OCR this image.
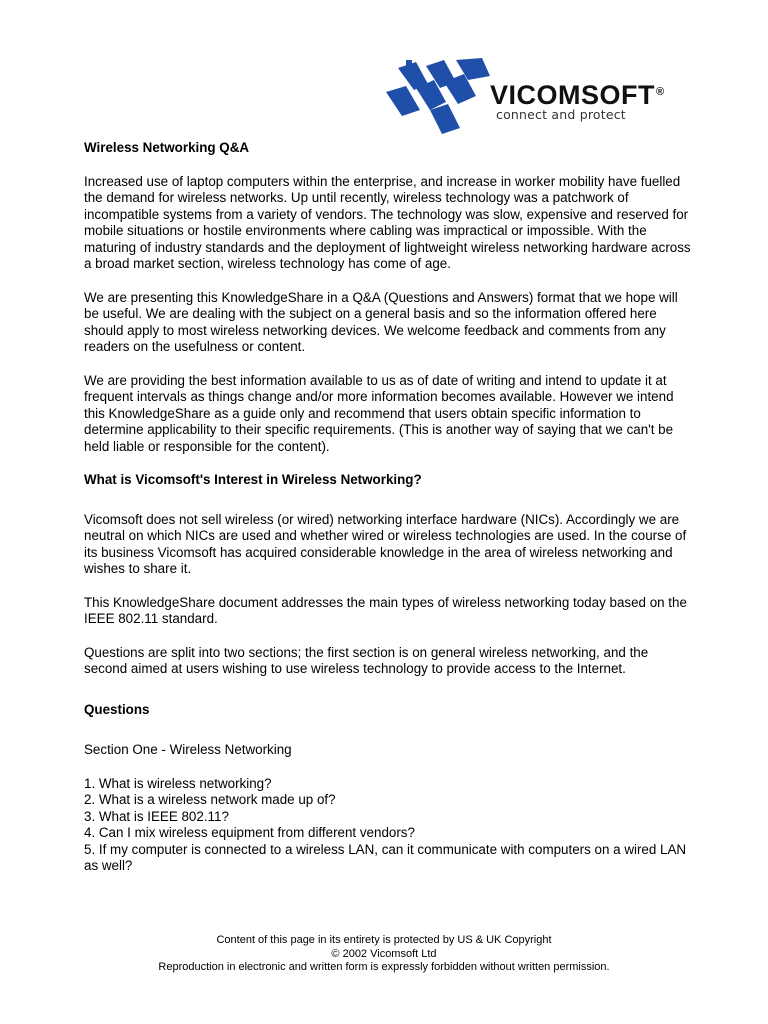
VICOMSOFT®
connect and protect

Wireless Networking Q&A

Increased use of laptop computers within the enterprise, and increase in worker mobility have fuelled the demand for wireless networks. Up until recently, wireless technology was a patchwork of incompatible systems from a variety of vendors. The technology was slow, expensive and reserved for mobile situations or hostile environments where cabling was impractical or impossible. With the maturing of industry standards and the deployment of lightweight wireless networking hardware across a broad market section, wireless technology has come of age.

We are presenting this KnowledgeShare in a Q&A (Questions and Answers) format that we hope will be useful. We are dealing with the subject on a general basis and so the information offered here should apply to most wireless networking devices. We welcome feedback and comments from any readers on the usefulness or content.

We are providing the best information available to us as of date of writing and intend to update it at frequent intervals as things change and/or more information becomes available. However we intend this KnowledgeShare as a guide only and recommend that users obtain specific information to determine applicability to their specific requirements. (This is another way of saying that we can't be held liable or responsible for the content).

What is Vicomsoft's Interest in Wireless Networking?

Vicomsoft does not sell wireless (or wired) networking interface hardware (NICs). Accordingly we are neutral on which NICs are used and whether wired or wireless technologies are used. In the course of its business Vicomsoft has acquired considerable knowledge in the area of wireless networking and wishes to share it.

This KnowledgeShare document addresses the main types of wireless networking today based on the IEEE 802.11 standard.

Questions are split into two sections; the first section is on general wireless networking, and the second aimed at users wishing to use wireless technology to provide access to the Internet.

Questions

Section One - Wireless Networking

1. What is wireless networking?

2. What is a wireless network made up of?

3. What is IEEE 802.11?

4. Can I mix wireless equipment from different vendors?

5. If my computer is connected to a wireless LAN, can it communicate with computers on a wired LAN as well?

Content of this page in its entirety is protected by US & UK Copyright
© 2002 Vicomsoft Ltd
Reproduction in electronic and written form is expressly forbidden without written permission.
